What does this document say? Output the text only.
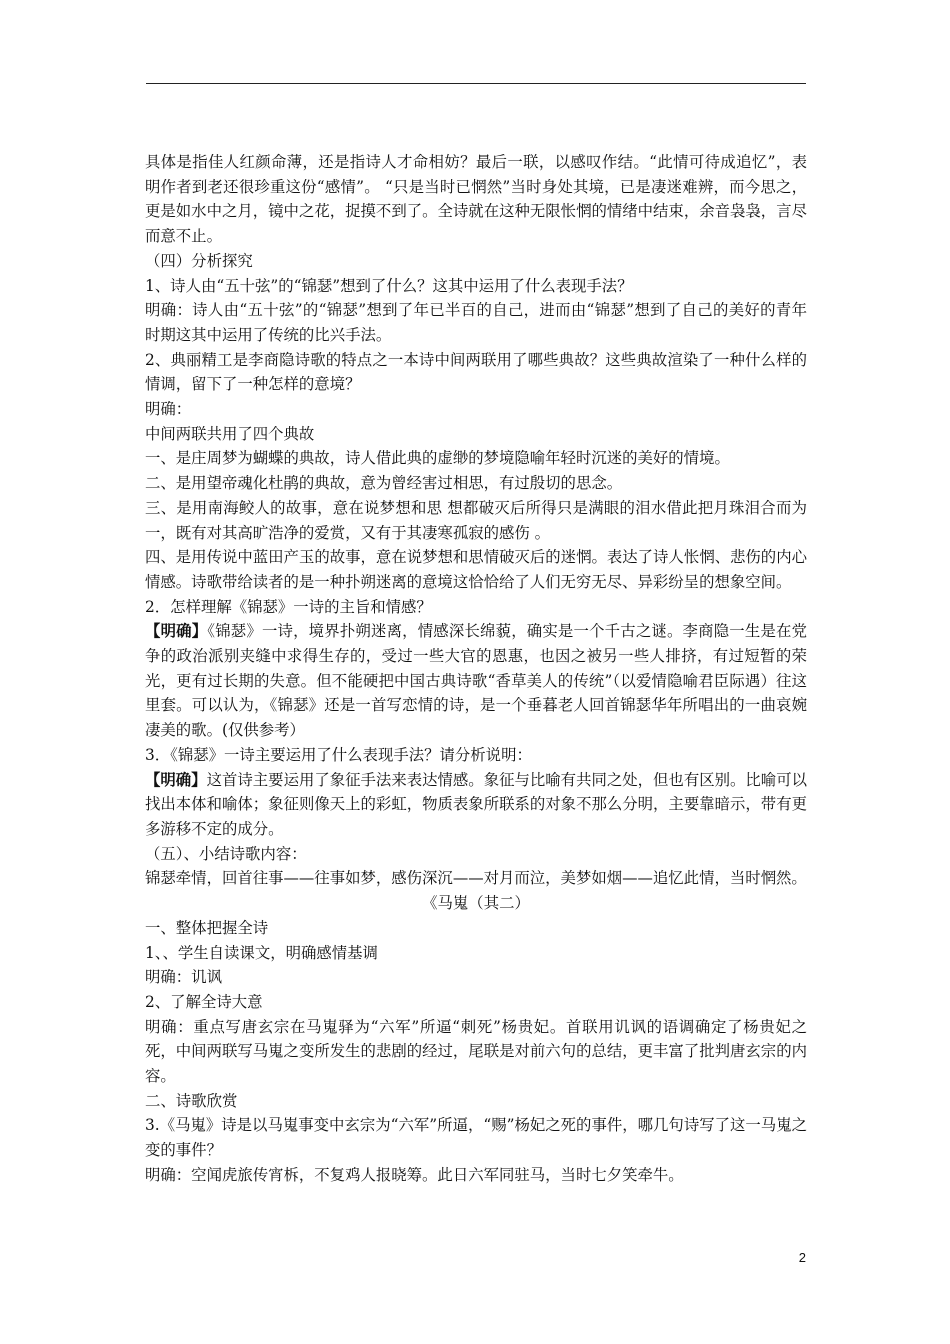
具体是指佳人红颜命薄，还是指诗人才命相妨？最后一联，以感叹作结。“此情可待成追忆”，表明作者到老还很珍重这份“感情”。 “只是当时已惘然”当时身处其境，已是凄迷难辨，而今思之，更是如水中之月，镜中之花，捉摸不到了。全诗就在这种无限怅惘的情绪中结束，余音袅袅，言尽而意不止。

（四）分析探究

1、诗人由“五十弦”的“锦瑟”想到了什么？这其中运用了什么表现手法？

明确：诗人由“五十弦”的“锦瑟”想到了年已半百的自己，进而由“锦瑟”想到了自己的美好的青年时期这其中运用了传统的比兴手法。

2、典丽精工是李商隐诗歌的特点之一本诗中间两联用了哪些典故？这些典故渲染了一种什么样的情调，留下了一种怎样的意境？

明确：

中间两联共用了四个典故

一、是庄周梦为蝴蝶的典故，诗人借此典的虚缈的梦境隐喻年轻时沉迷的美好的情境。

二、是用望帝魂化杜鹃的典故，意为曾经害过相思，有过殷切的思念。

三、是用南海鲛人的故事，意在说梦想和思 想都破灭后所得只是满眼的泪水借此把月珠泪合而为一，既有对其高旷浩净的爱赏，又有于其凄寒孤寂的感伤 。

四、是用传说中蓝田产玉的故事，意在说梦想和思情破灭后的迷惘。表达了诗人怅惘、悲伤的内心情感。诗歌带给读者的是一种扑朔迷离的意境这恰恰给了人们无穷无尽、异彩纷呈的想象空间。

2．怎样理解《锦瑟》一诗的主旨和情感？

【明确】《锦瑟》一诗，境界扑朔迷离，情感深长绵藐，确实是一个千古之谜。李商隐一生是在党争的政治派别夹缝中求得生存的，受过一些大官的恩惠，也因之被另一些人排挤，有过短暂的荣光，更有过长期的失意。但不能硬把中国古典诗歌“香草美人的传统”（以爱情隐喻君臣际遇）往这里套。可以认为，《锦瑟》还是一首写恋情的诗，是一个垂暮老人回首锦瑟华年所唱出的一曲哀婉凄美的歌。(仅供参考）

3．《锦瑟》一诗主要运用了什么表现手法？请分析说明：

【明确】这首诗主要运用了象征手法来表达情感。象征与比喻有共同之处，但也有区别。比喻可以找出本体和喻体；象征则像天上的彩虹，物质表象所联系的对象不那么分明，主要靠暗示，带有更多游移不定的成分。

（五）、小结诗歌内容：

锦瑟牵情，回首往事——往事如梦，感伤深沉——对月而泣，美梦如烟——追忆此情，当时惘然。

《马嵬（其二）

一、整体把握全诗

1、、学生自读课文，明确感情基调

明确：讥讽

2、了解全诗大意

明确：重点写唐玄宗在马嵬驿为“六军”所逼“刺死”杨贵妃。首联用讥讽的语调确定了杨贵妃之死，中间两联写马嵬之变所发生的悲剧的经过，尾联是对前六句的总结，更丰富了批判唐玄宗的内容。

二、诗歌欣赏

3.《马嵬》诗是以马嵬事变中玄宗为“六军”所逼，“赐”杨妃之死的事件，哪几句诗写了这一马嵬之变的事件？

明确：空闻虎旅传宵柝，不复鸡人报晓筹。此日六军同驻马，当时七夕笑牵牛。

2
